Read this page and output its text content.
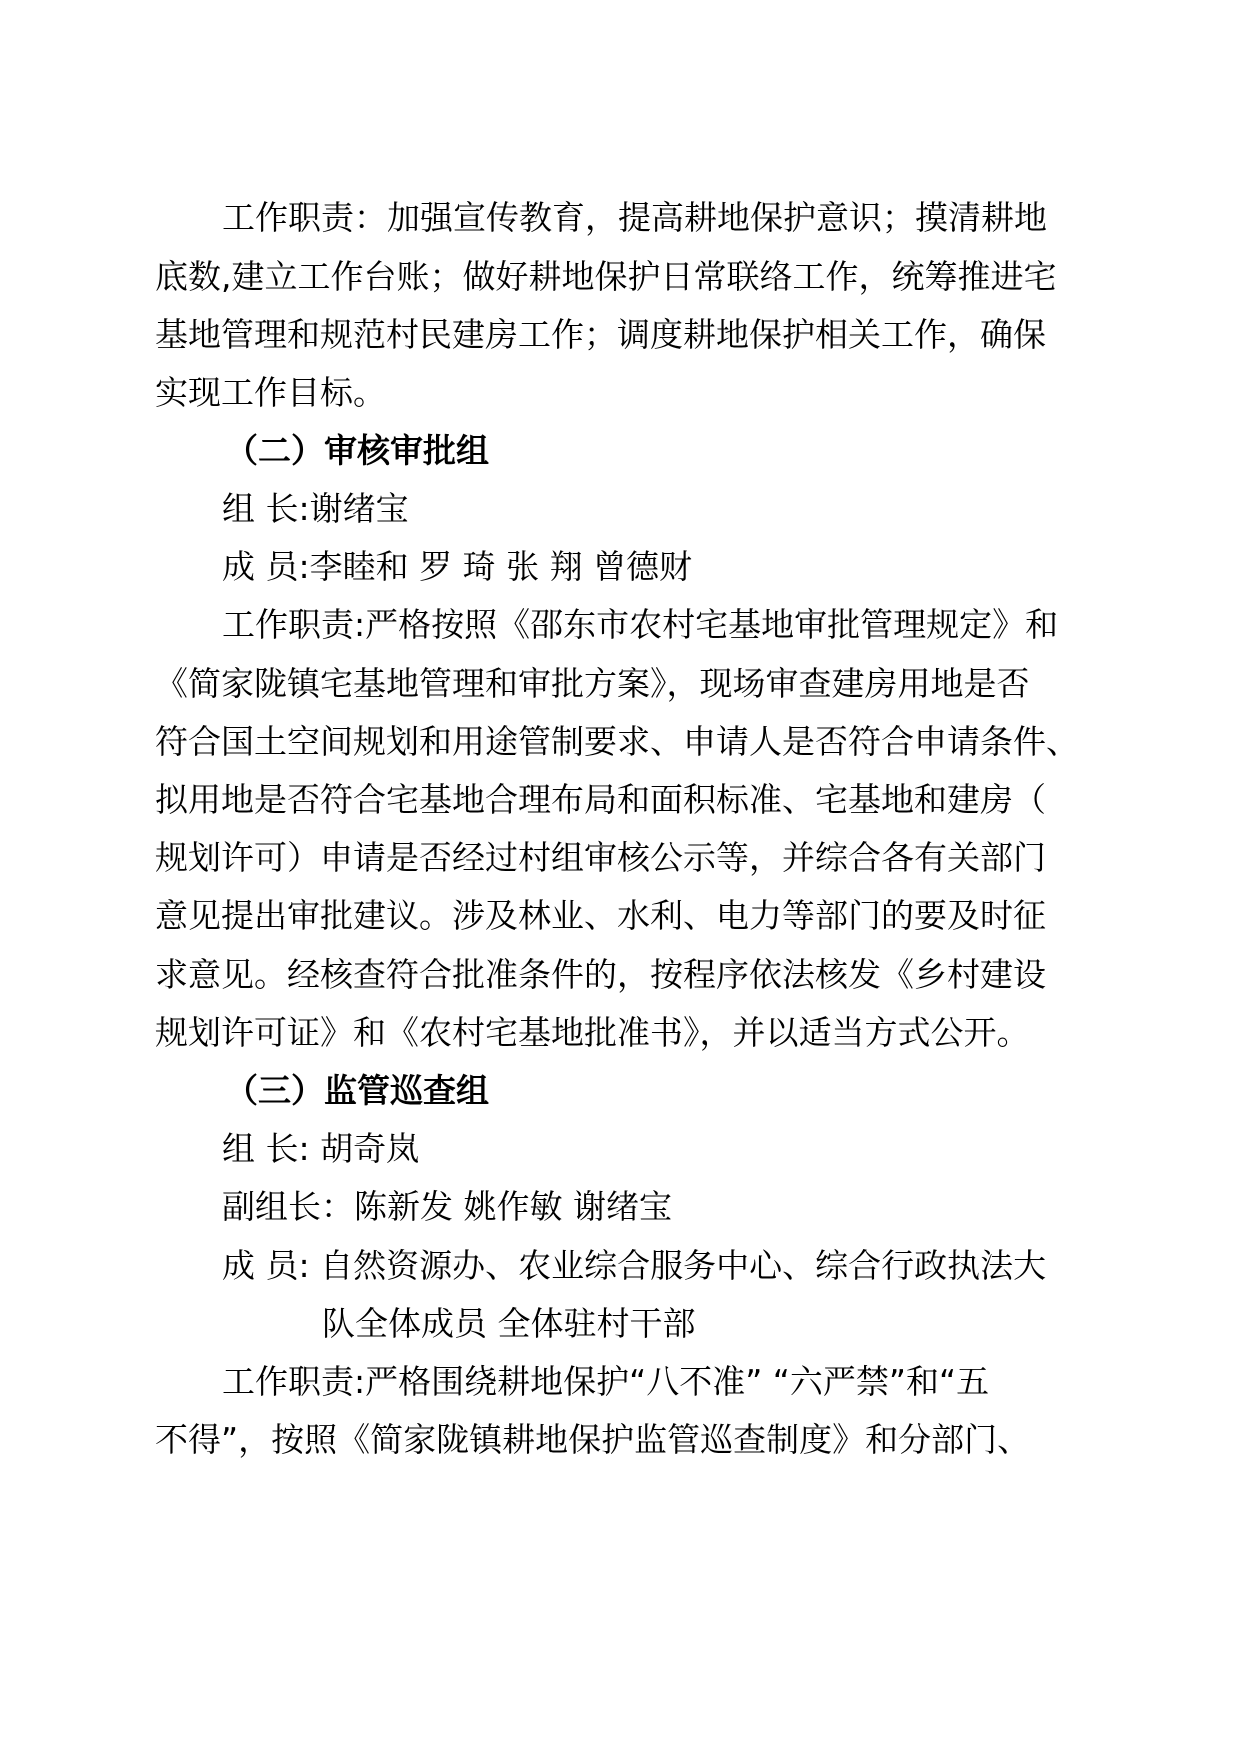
工作职责：加强宣传教育，提高耕地保护意识；摸清耕地
底数,建立工作台账；做好耕地保护日常联络工作，统筹推进宅
基地管理和规范村民建房工作；调度耕地保护相关工作，确保
实现工作目标。
（二）审核审批组
组 长:谢绪宝
成 员:李睦和 罗 琦 张 翔 曾德财
工作职责:严格按照《邵东市农村宅基地审批管理规定》和
《简家陇镇宅基地管理和审批方案》，现场审查建房用地是否
符合国土空间规划和用途管制要求、申请人是否符合申请条件、
拟用地是否符合宅基地合理布局和面积标准、宅基地和建房（
规划许可）申请是否经过村组审核公示等，并综合各有关部门
意见提出审批建议。涉及林业、水利、电力等部门的要及时征
求意见。经核查符合批准条件的，按程序依法核发《乡村建设
规划许可证》和《农村宅基地批准书》，并以适当方式公开。
（三）监管巡查组
组 长: 胡奇岚
副组长：陈新发 姚作敏 谢绪宝
成 员: 自然资源办、农业综合服务中心、综合行政执法大
队全体成员 全体驻村干部
工作职责:严格围绕耕地保护“八不准” “六严禁”和“五
不得”，按照《简家陇镇耕地保护监管巡查制度》和分部门、
